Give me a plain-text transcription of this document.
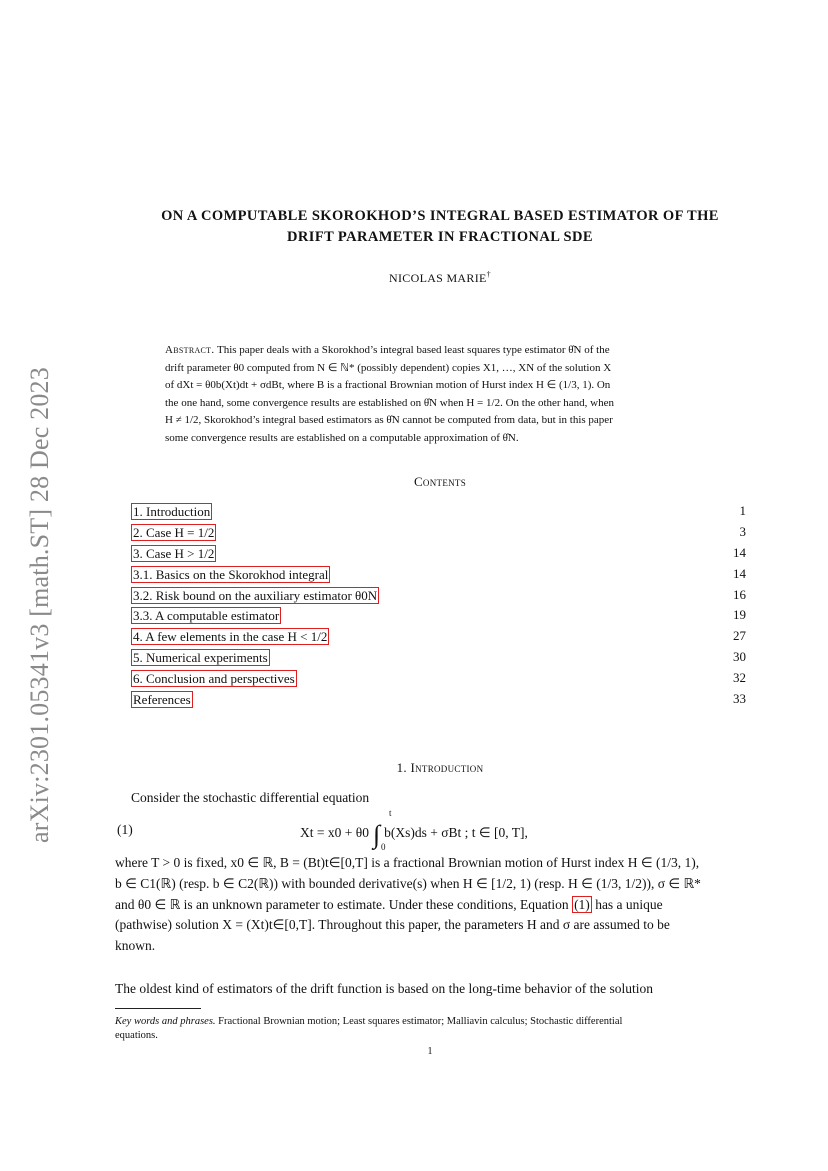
arXiv:2301.05341v3 [math.ST] 28 Dec 2023
ON A COMPUTABLE SKOROKHOD’S INTEGRAL BASED ESTIMATOR OF THE
DRIFT PARAMETER IN FRACTIONAL SDE
NICOLAS MARIE†
Abstract. This paper deals with a Skorokhod’s integral based least squares type estimator θ̂N of the
drift parameter θ0 computed from N ∈ ℕ* (possibly dependent) copies X1, …, XN of the solution X
of dXt = θ0b(Xt)dt + σdBt, where B is a fractional Brownian motion of Hurst index H ∈ (1/3, 1). On
the one hand, some convergence results are established on θ̂N when H = 1/2. On the other hand, when
H ≠ 1/2, Skorokhod’s integral based estimators as θ̂N cannot be computed from data, but in this paper
some convergence results are established on a computable approximation of θ̂N.
Contents
1. Introduction	1
2. Case H = 1/2	3
3. Case H > 1/2	14
3.1. Basics on the Skorokhod integral	14
3.2. Risk bound on the auxiliary estimator θ0N	16
3.3. A computable estimator	19
4. A few elements in the case H < 1/2	27
5. Numerical experiments	30
6. Conclusion and perspectives	32
References	33
1. Introduction
Consider the stochastic differential equation
(1)	Xt = x0 + θ0 ∫
t
0
b(Xs)ds + σBt ; t ∈ [0, T],
where T > 0 is fixed, x0 ∈ ℝ, B = (Bt)t∈[0,T] is a fractional Brownian motion of Hurst index H ∈ (1/3, 1),
b ∈ C1(ℝ) (resp. b ∈ C2(ℝ)) with bounded derivative(s) when H ∈ [1/2, 1) (resp. H ∈ (1/3, 1/2)), σ ∈ ℝ*
and θ0 ∈ ℝ is an unknown parameter to estimate. Under these conditions, Equation (1) has a unique
(pathwise) solution X = (Xt)t∈[0,T]. Throughout this paper, the parameters H and σ are assumed to be
known.
The oldest kind of estimators of the drift function is based on the long-time behavior of the solution
Key words and phrases. Fractional Brownian motion; Least squares estimator; Malliavin calculus; Stochastic differential
equations.
1
